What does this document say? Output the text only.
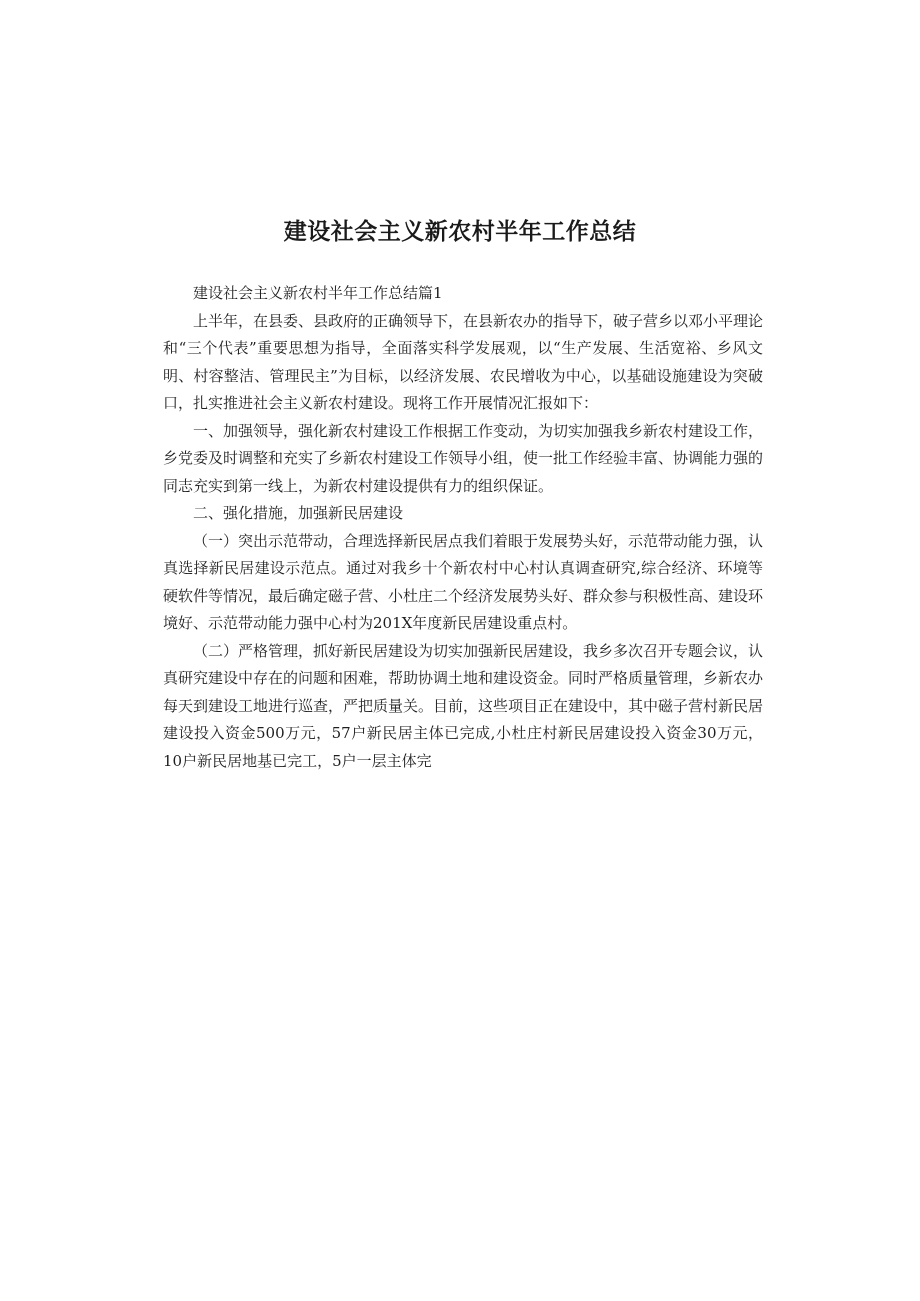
建设社会主义新农村半年工作总结

建设社会主义新农村半年工作总结篇1

上半年，在县委、县政府的正确领导下，在县新农办的指导下，破子营乡以邓小平理论和“三个代表”重要思想为指导，全面落实科学发展观，以“生产发展、生活宽裕、乡风文明、村容整洁、管理民主”为目标，以经济发展、农民增收为中心，以基础设施建设为突破口，扎实推进社会主义新农村建设。现将工作开展情况汇报如下：

一、加强领导，强化新农村建设工作根据工作变动，为切实加强我乡新农村建设工作，乡党委及时调整和充实了乡新农村建设工作领导小组，使一批工作经验丰富、协调能力强的同志充实到第一线上，为新农村建设提供有力的组织保证。

二、强化措施，加强新民居建设

（一）突出示范带动，合理选择新民居点我们着眼于发展势头好，示范带动能力强，认真选择新民居建设示范点。通过对我乡十个新农村中心村认真调查研究,综合经济、环境等硬软件等情况，最后确定磁子营、小杜庄二个经济发展势头好、群众参与积极性高、建设环境好、示范带动能力强中心村为201X年度新民居建设重点村。

（二）严格管理，抓好新民居建设为切实加强新民居建设，我乡多次召开专题会议，认真研究建设中存在的问题和困难，帮助协调土地和建设资金。同时严格质量管理，乡新农办每天到建设工地进行巡查，严把质量关。目前，这些项目正在建设中，其中磁子营村新民居建设投入资金500万元，57户新民居主体已完成,小杜庄村新民居建设投入资金30万元，10户新民居地基已完工，5户一层主体完
